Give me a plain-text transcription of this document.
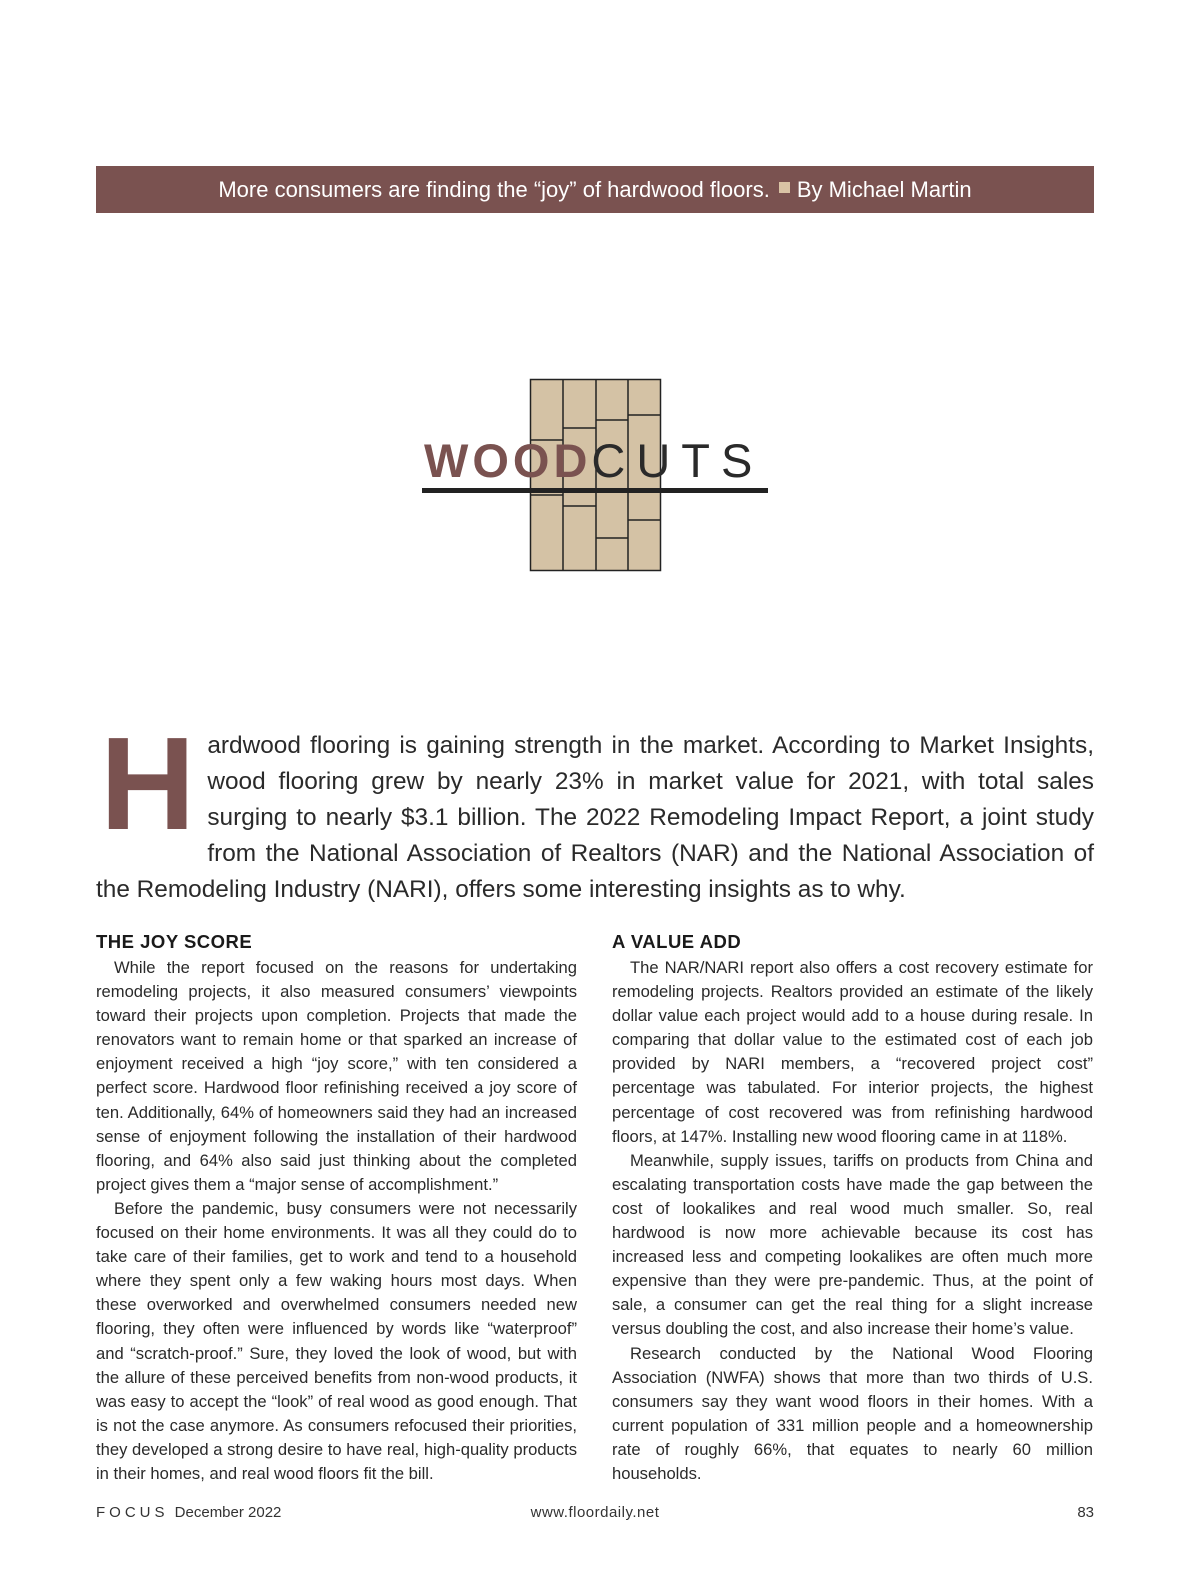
More consumers are finding the “joy” of hardwood floors. By Michael Martin
WOODCUTS

Hardwood flooring is gaining strength in the market. According to Market Insights, wood flooring grew by nearly 23% in market value for 2021, with total sales surging to nearly $3.1 billion. The 2022 Remodeling Impact Report, a joint study from the National Association of Realtors (NAR) and the National Association of the Remodeling Industry (NARI), offers some interesting insights as to why.

THE JOY SCORE

While the report focused on the reasons for undertaking remodeling projects, it also measured consumers’ viewpoints toward their projects upon completion. Projects that made the renovators want to remain home or that sparked an increase of enjoyment received a high “joy score,” with ten considered a perfect score. Hardwood floor refinishing received a joy score of ten. Additionally, 64% of homeowners said they had an increased sense of enjoyment following the installation of their hardwood flooring, and 64% also said just thinking about the completed project gives them a “major sense of accomplishment.”

Before the pandemic, busy consumers were not necessarily focused on their home environments. It was all they could do to take care of their families, get to work and tend to a household where they spent only a few waking hours most days. When these overworked and overwhelmed consumers needed new flooring, they often were influenced by words like “waterproof” and “scratch-proof.” Sure, they loved the look of wood, but with the allure of these perceived benefits from non-wood products, it was easy to accept the “look” of real wood as good enough. That is not the case anymore. As consumers refocused their priorities, they developed a strong desire to have real, high-quality products in their homes, and real wood floors fit the bill.

A VALUE ADD

The NAR/NARI report also offers a cost recovery estimate for remodeling projects. Realtors provided an estimate of the likely dollar value each project would add to a house during resale. In comparing that dollar value to the estimated cost of each job provided by NARI members, a “recovered project cost” percentage was tabulated. For interior projects, the highest percentage of cost recovered was from refinishing hardwood floors, at 147%. Installing new wood flooring came in at 118%.

Meanwhile, supply issues, tariffs on products from China and escalating transportation costs have made the gap between the cost of lookalikes and real wood much smaller. So, real hardwood is now more achievable because its cost has increased less and competing lookalikes are often much more expensive than they were pre-pandemic. Thus, at the point of sale, a consumer can get the real thing for a slight increase versus doubling the cost, and also increase their home’s value.

Research conducted by the National Wood Flooring Association (NWFA) shows that more than two thirds of U.S. consumers say they want wood floors in their homes. With a current population of 331 million people and a homeownership rate of roughly 66%, that equates to nearly 60 million households.

FOCUS December 2022	www.floordaily.net	83
